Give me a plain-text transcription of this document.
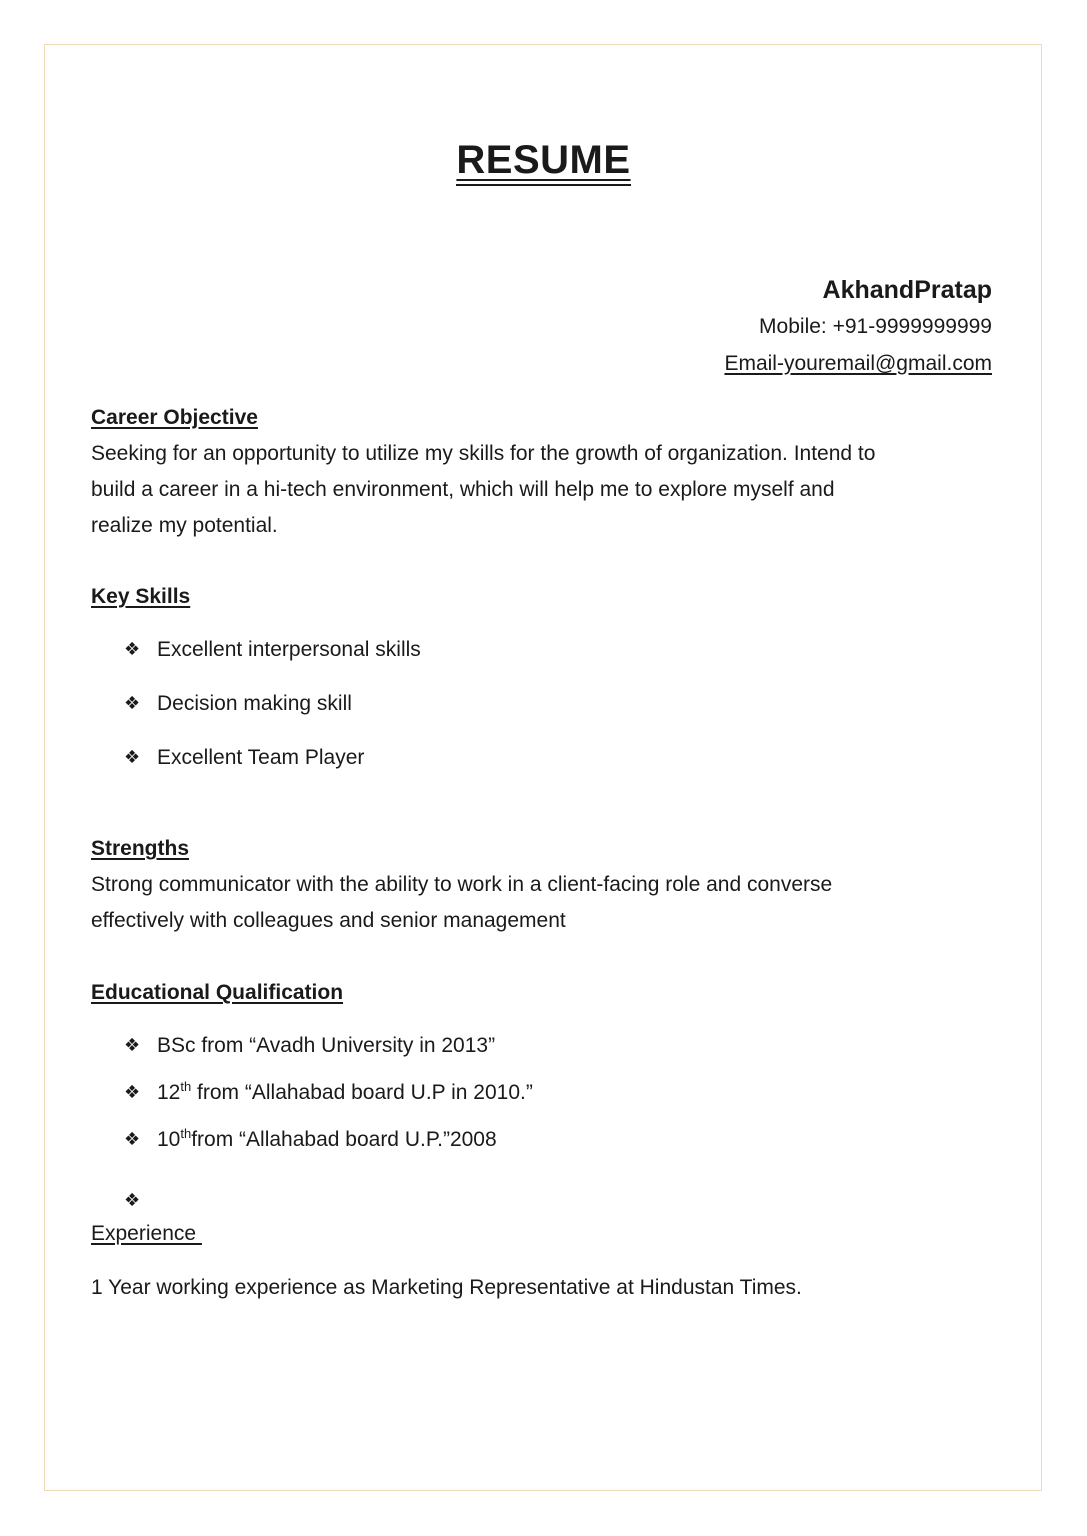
RESUME
AkhandPratap
Mobile: +91-9999999999
Email-youremail@gmail.com
Career Objective
Seeking for an opportunity to utilize my skills for the growth of organization. Intend to
build a career in a hi-tech environment, which will help me to explore myself and
realize my potential.
Key Skills
❖ Excellent interpersonal skills
❖ Decision making skill
❖ Excellent Team Player
Strengths
Strong communicator with the ability to work in a client-facing role and converse
effectively with colleagues and senior management
Educational Qualification
❖ BSc from “Avadh University in 2013”
❖ 12th from “Allahabad board U.P in 2010.”
❖ 10thfrom “Allahabad board U.P.”2008
❖
Experience
1 Year working experience as Marketing Representative at Hindustan Times.
